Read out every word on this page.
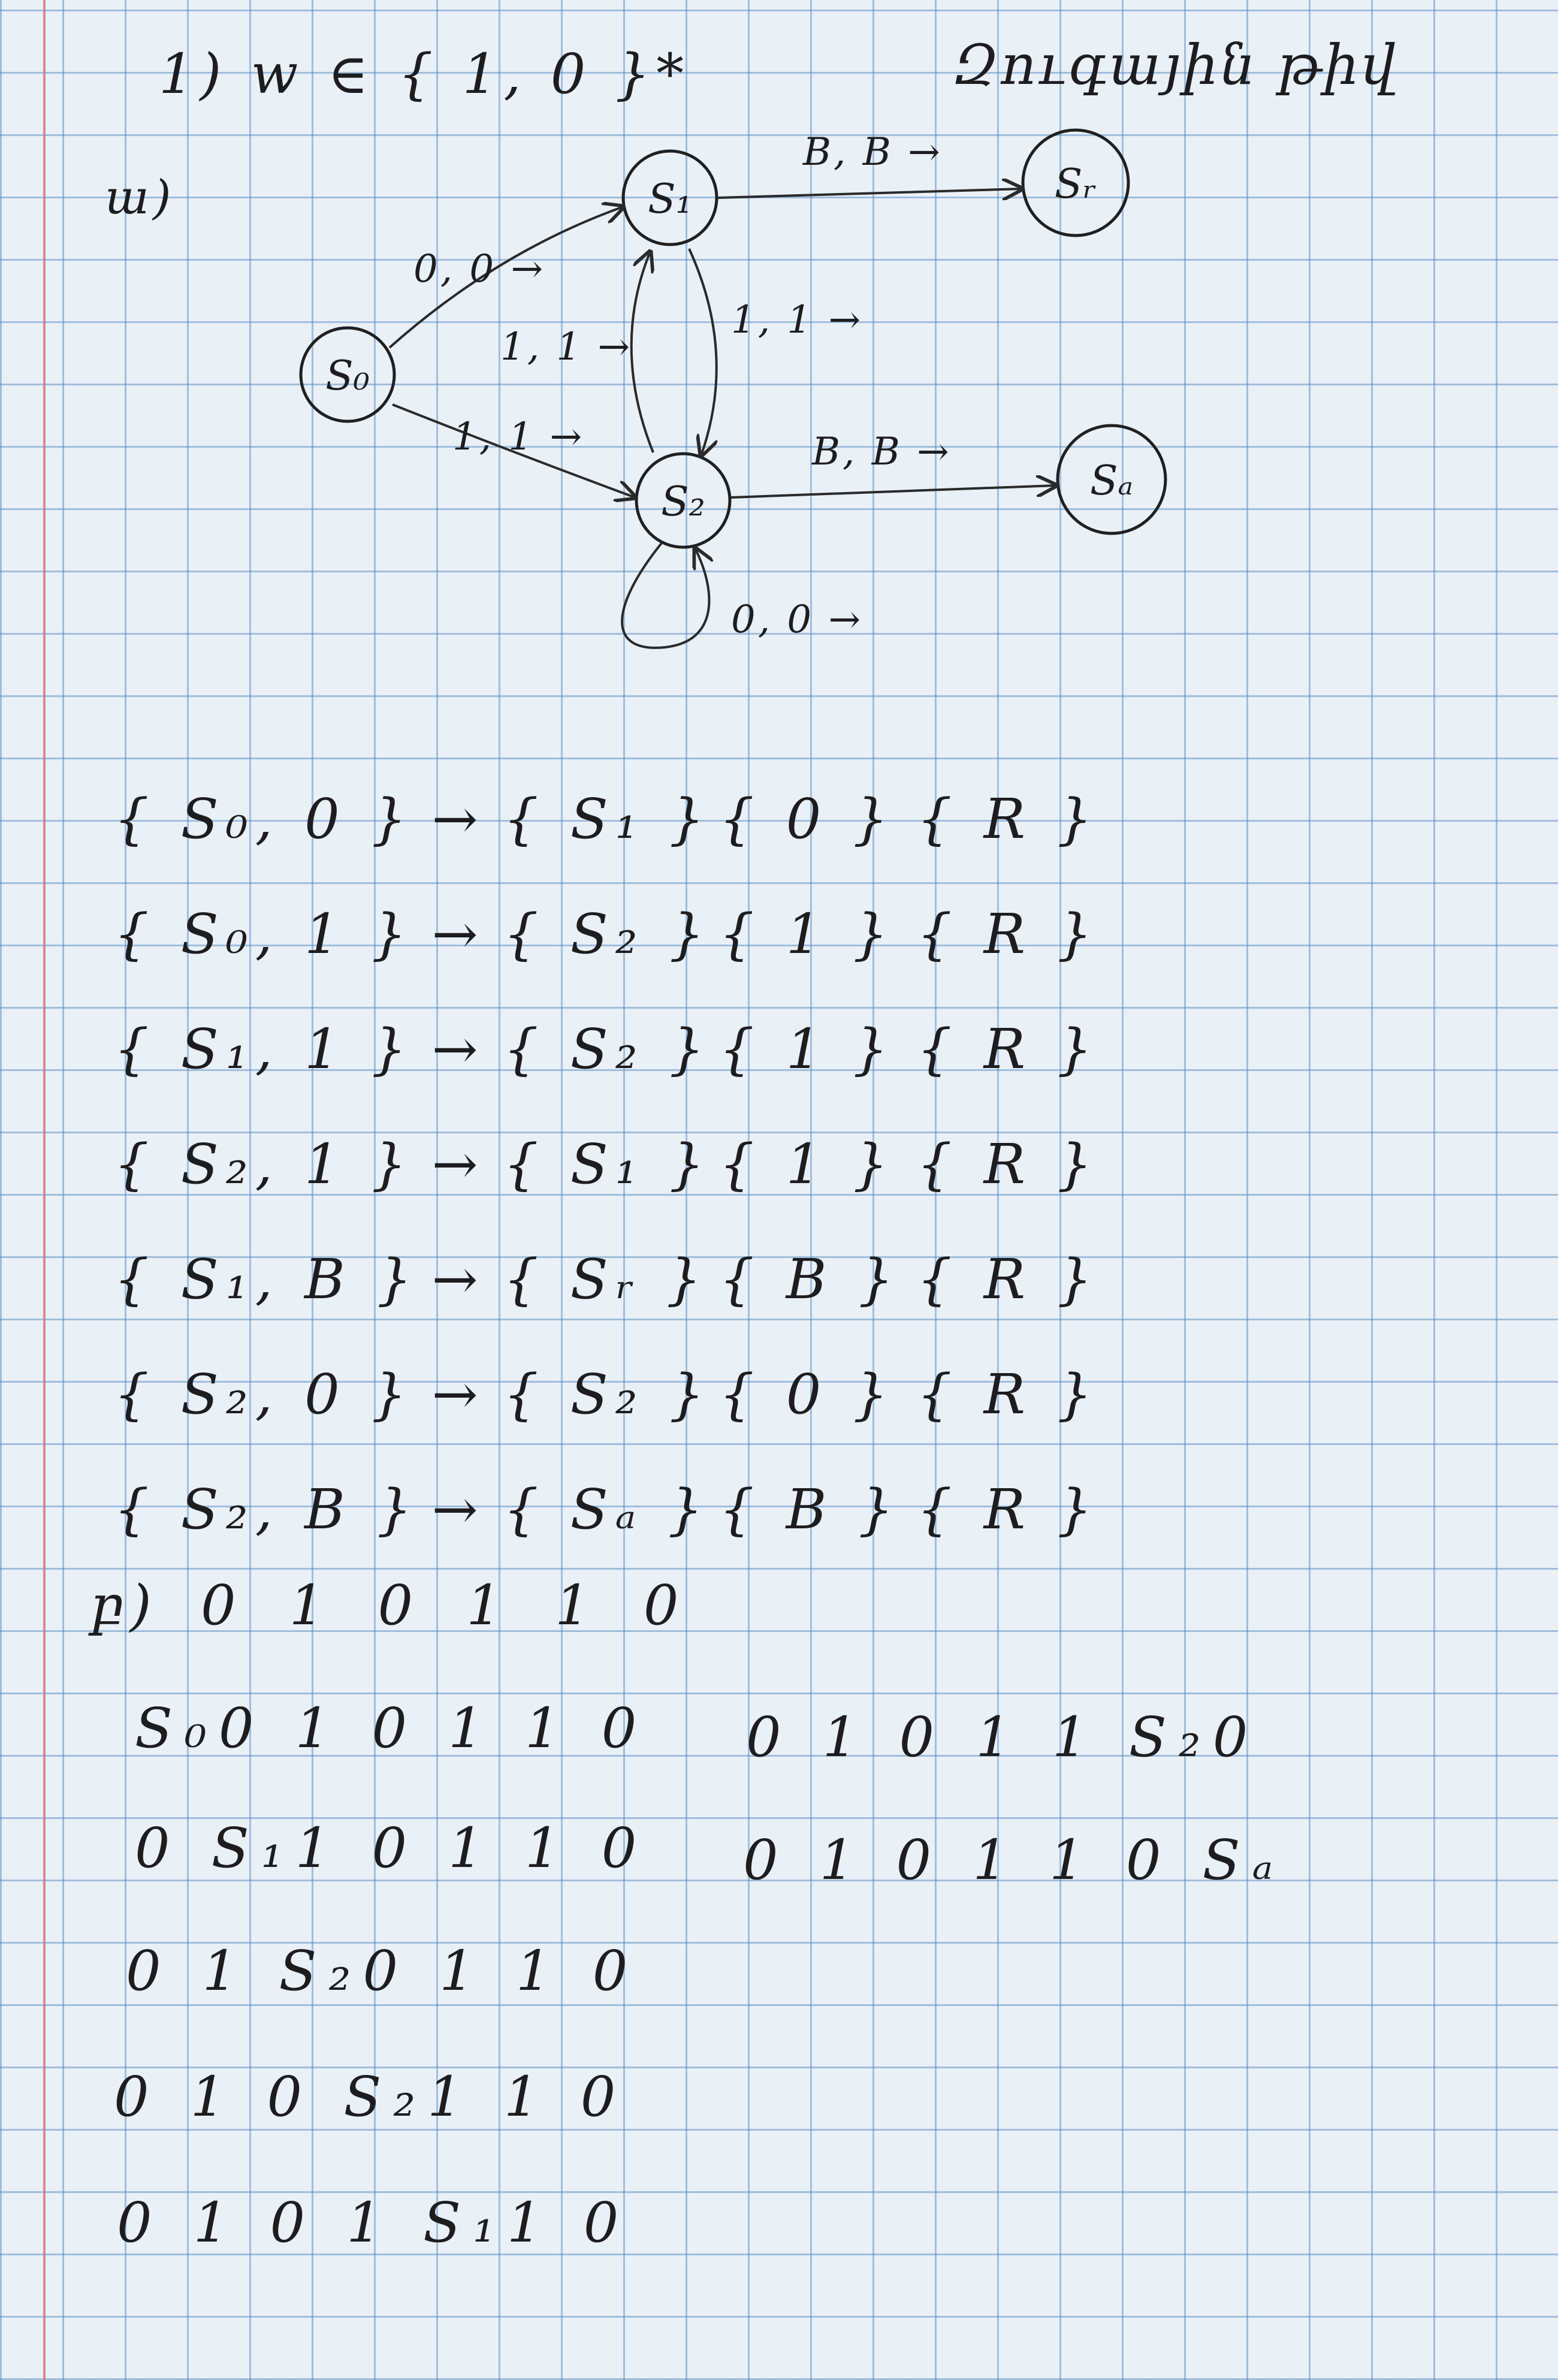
1) w ∈ { 1, 0 }*	Զուգային թիվ
ա)
S₀
S₁
S₂
Sᵣ
Sₐ
0, 0 →
1, 1 →
1, 1 →
1, 1 →
B, B →
B, B →
0, 0 →
{ S₀, 0 } → { S₁ } { 0 } { R }
{ S₀, 1 } → { S₂ } { 1 } { R }
{ S₁, 1 } → { S₂ } { 1 } { R }
{ S₂, 1 } → { S₁ } { 1 } { R }
{ S₁, B } → { Sᵣ } { B } { R }
{ S₂, 0 } → { S₂ } { 0 } { R }
{ S₂, B } → { Sₐ } { B } { R }
բ) 0 1 0 1 1 0
S₀0 1 0 1 1 0
0 S₁1 0 1 1 0
0 1 S₂0 1 1 0
0 1 0 S₂1 1 0
0 1 0 1 S₁1 0
0 1 0 1 1 S₂0
0 1 0 1 1 0 Sₐ
